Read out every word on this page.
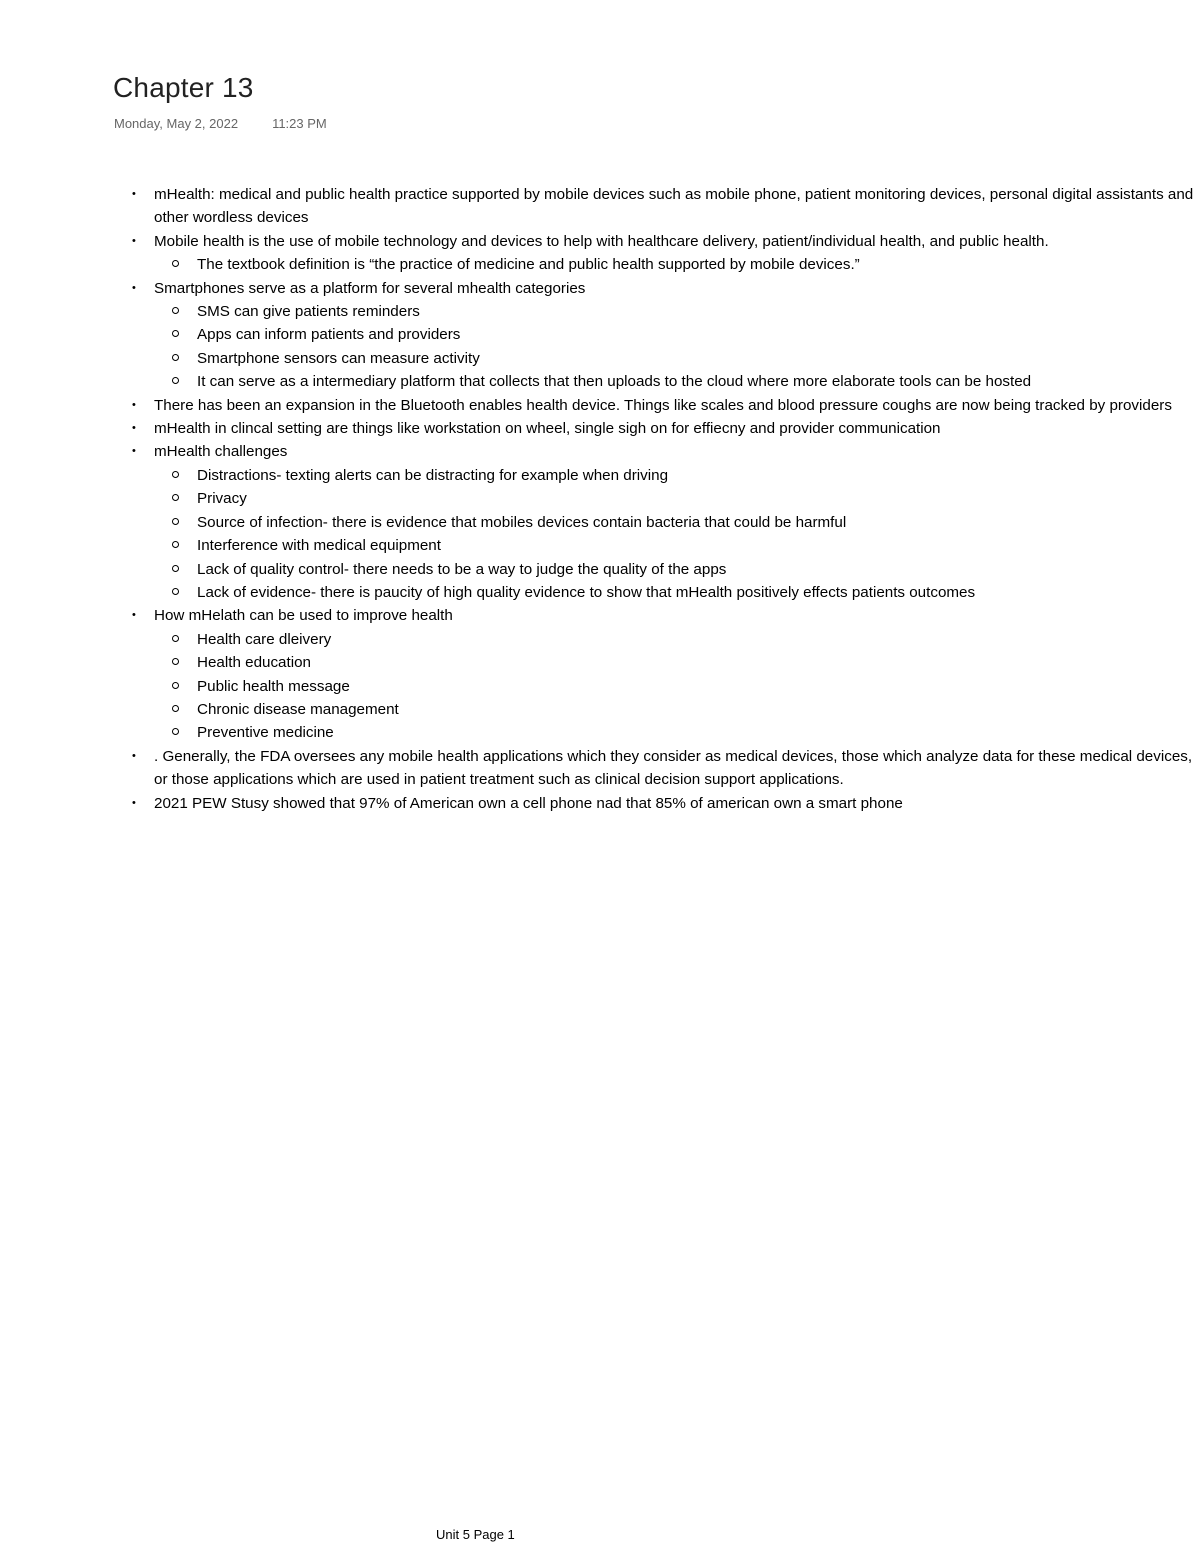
Chapter 13
Monday, May 2, 2022	11:23 PM
• mHealth: medical and public health practice supported by mobile devices such as mobile phone, patient monitoring devices, personal digital assistants and other wordless devices
• Mobile health is the use of mobile technology and devices to help with healthcare delivery, patient/individual health, and public health.
The textbook definition is “the practice of medicine and public health supported by mobile devices.”
• Smartphones serve as a platform for several mhealth categories
SMS can give patients reminders
Apps can inform patients and providers
Smartphone sensors can measure activity
It can serve as a intermediary platform that collects that then uploads to the cloud where more elaborate tools can be hosted
• There has been an expansion in the Bluetooth enables health device. Things like scales and blood pressure coughs are now being tracked by providers
• mHealth in clincal setting are things like workstation on wheel, single sigh on for effiecny and provider communication
• mHealth challenges
Distractions- texting alerts can be distracting for example when driving
Privacy
Source of infection- there is evidence that mobiles devices contain bacteria that could be harmful
Interference with medical equipment
Lack of quality control- there needs to be a way to judge the quality of the apps
Lack of evidence- there is paucity of high quality evidence to show that mHealth positively effects patients outcomes
• How mHelath can be used to improve health
Health care dleivery
Health education
Public health message
Chronic disease management
Preventive medicine
• . Generally, the FDA oversees any mobile health applications which they consider as medical devices, those which analyze data for these medical devices, or those applications which are used in patient treatment such as clinical decision support applications.
• 2021 PEW Stusy showed that 97% of American own a cell phone nad that 85% of american own a smart phone
Unit 5 Page 1
